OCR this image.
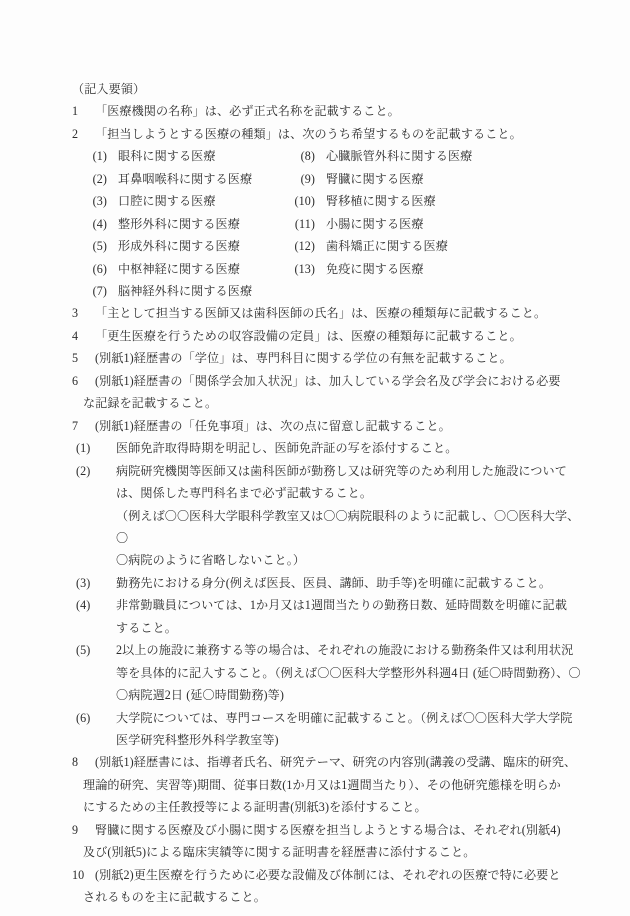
（記入要領）
1	「医療機関の名称」は、必ず正式名称を記載すること。
2	「担当しようとする医療の種類」は、次のうち希望するものを記載すること。
(1) 眼科に関する医療	(8) 心臓脈管外科に関する医療
(2) 耳鼻咽喉科に関する医療	(9) 腎臓に関する医療
(3) 口腔に関する医療	(10) 腎移植に関する医療
(4) 整形外科に関する医療	(11) 小腸に関する医療
(5) 形成外科に関する医療	(12) 歯科矯正に関する医療
(6) 中枢神経に関する医療	(13) 免疫に関する医療
(7) 脳神経外科に関する医療
3	「主として担当する医師又は歯科医師の氏名」は、医療の種類毎に記載すること。
4	「更生医療を行うための収容設備の定員」は、医療の種類毎に記載すること。
5	(別紙1)経歴書の「学位」は、専門科目に関する学位の有無を記載すること。
6	(別紙1)経歴書の「関係学会加入状況」は、加入している学会名及び学会における必要
な記録を記載すること。
7	(別紙1)経歴書の「任免事項」は、次の点に留意し記載すること。
(1)	医師免許取得時期を明記し、医師免許証の写を添付すること。
(2)	病院研究機関等医師又は歯科医師が勤務し又は研究等のため利用した施設について
は、関係した専門科名まで必ず記載すること。
（例えば〇〇医科大学眼科学教室又は〇〇病院眼科のように記載し、〇〇医科大学、〇
〇病院のように省略しないこと。）
(3)	勤務先における身分(例えば医長、医員、講師、助手等)を明確に記載すること。
(4)	非常勤職員については、1か月又は1週間当たりの勤務日数、延時間数を明確に記載
すること。
(5)	2以上の施設に兼務する等の場合は、それぞれの施設における勤務条件又は利用状況
等を具体的に記入すること。（例えば〇〇医科大学整形外科週4日 (延〇時間勤務）、〇
〇病院週2日 (延〇時間勤務)等)
(6)	大学院については、専門コースを明確に記載すること。（例えば〇〇医科大学大学院
医学研究科整形外科学教室等)
8	(別紙1)経歴書には、指導者氏名、研究テーマ、研究の内容別(講義の受講、臨床的研究、
理論的研究、実習等)期間、従事日数(1か月又は1週間当たり）、その他研究態様を明らか
にするための主任教授等による証明書(別紙3)を添付すること。
9	腎臓に関する医療及び小腸に関する医療を担当しようとする場合は、それぞれ(別紙4)
及び(別紙5)による臨床実績等に関する証明書を経歴書に添付すること。
10 (別紙2)更生医療を行うために必要な設備及び体制には、それぞれの医療で特に必要と
されるものを主に記載すること。
